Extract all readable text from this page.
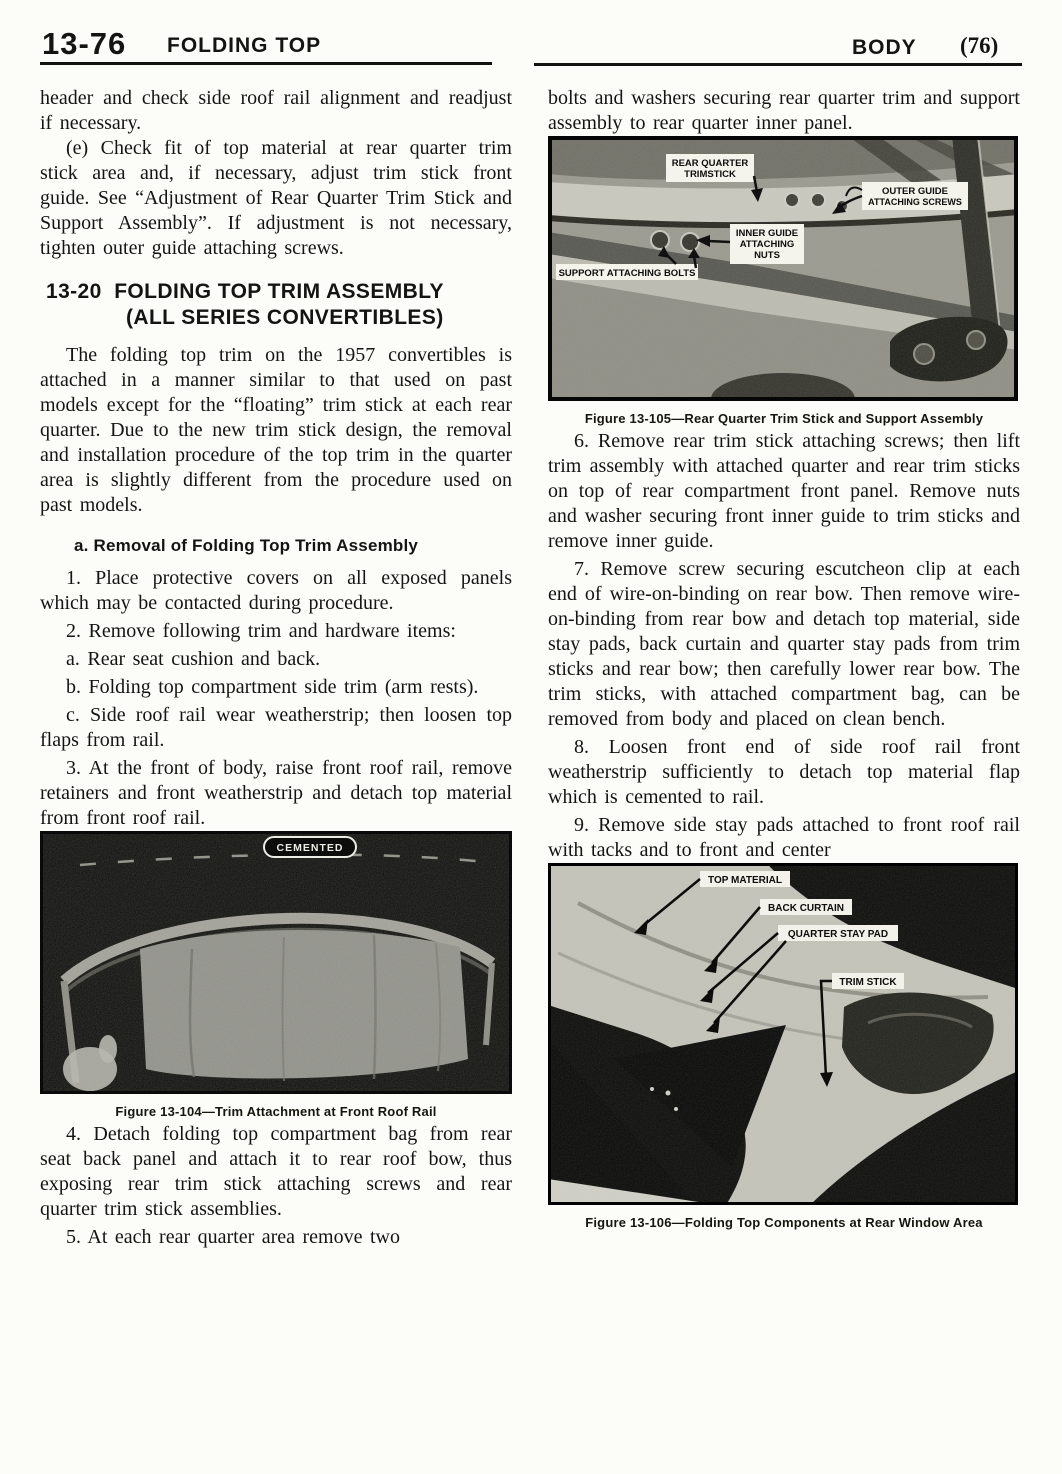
13-76 FOLDING TOP	BODY (76)

header and check side roof rail alignment and readjust if necessary.

(e) Check fit of top material at rear quarter trim stick area and, if necessary, adjust trim stick front guide. See “Adjustment of Rear Quarter Trim Stick and Support Assembly”. If adjustment is not necessary, tighten outer guide attaching screws.

13-20 FOLDING TOP TRIM ASSEMBLY
(ALL SERIES CONVERTIBLES)

The folding top trim on the 1957 convertibles is attached in a manner similar to that used on past models except for the “floating” trim stick at each rear quarter. Due to the new trim stick design, the removal and installation procedure of the top trim in the quarter area is slightly different from the procedure used on past models.

a. Removal of Folding Top Trim Assembly

1. Place protective covers on all exposed panels which may be contacted during procedure.

2. Remove following trim and hardware items:

a. Rear seat cushion and back.

b. Folding top compartment side trim (arm rests).

c. Side roof rail wear weatherstrip; then loosen top flaps from rail.

3. At the front of body, raise front roof rail, remove retainers and front weatherstrip and detach top material from front roof rail.

CEMENTED
Figure 13-104—Trim Attachment at Front Roof Rail

4. Detach folding top compartment bag from rear seat back panel and attach it to rear roof bow, thus exposing rear trim stick attaching screws and rear quarter trim stick assemblies.

5. At each rear quarter area remove two

bolts and washers securing rear quarter trim and support assembly to rear quarter inner panel.

REAR QUARTER
TRIMSTICK
OUTER GUIDE
ATTACHING SCREWS
INNER GUIDE
ATTACHING
NUTS
SUPPORT ATTACHING BOLTS
Figure 13-105—Rear Quarter Trim Stick and Support Assembly

6. Remove rear trim stick attaching screws; then lift trim assembly with attached quarter and rear trim sticks on top of rear compartment front panel. Remove nuts and washer securing front inner guide to trim sticks and remove inner guide.

7. Remove screw securing escutcheon clip at each end of wire-on-binding on rear bow. Then remove wire-on-binding from rear bow and detach top material, side stay pads, back curtain and quarter stay pads from trim sticks and rear bow; then carefully lower rear bow. The trim sticks, with attached compartment bag, can be removed from body and placed on clean bench.

8. Loosen front end of side roof rail front weatherstrip sufficiently to detach top material flap which is cemented to rail.

9. Remove side stay pads attached to front roof rail with tacks and to front and center

TOP MATERIAL
BACK CURTAIN
QUARTER STAY PAD
TRIM STICK
Figure 13-106—Folding Top Components at Rear Window Area
